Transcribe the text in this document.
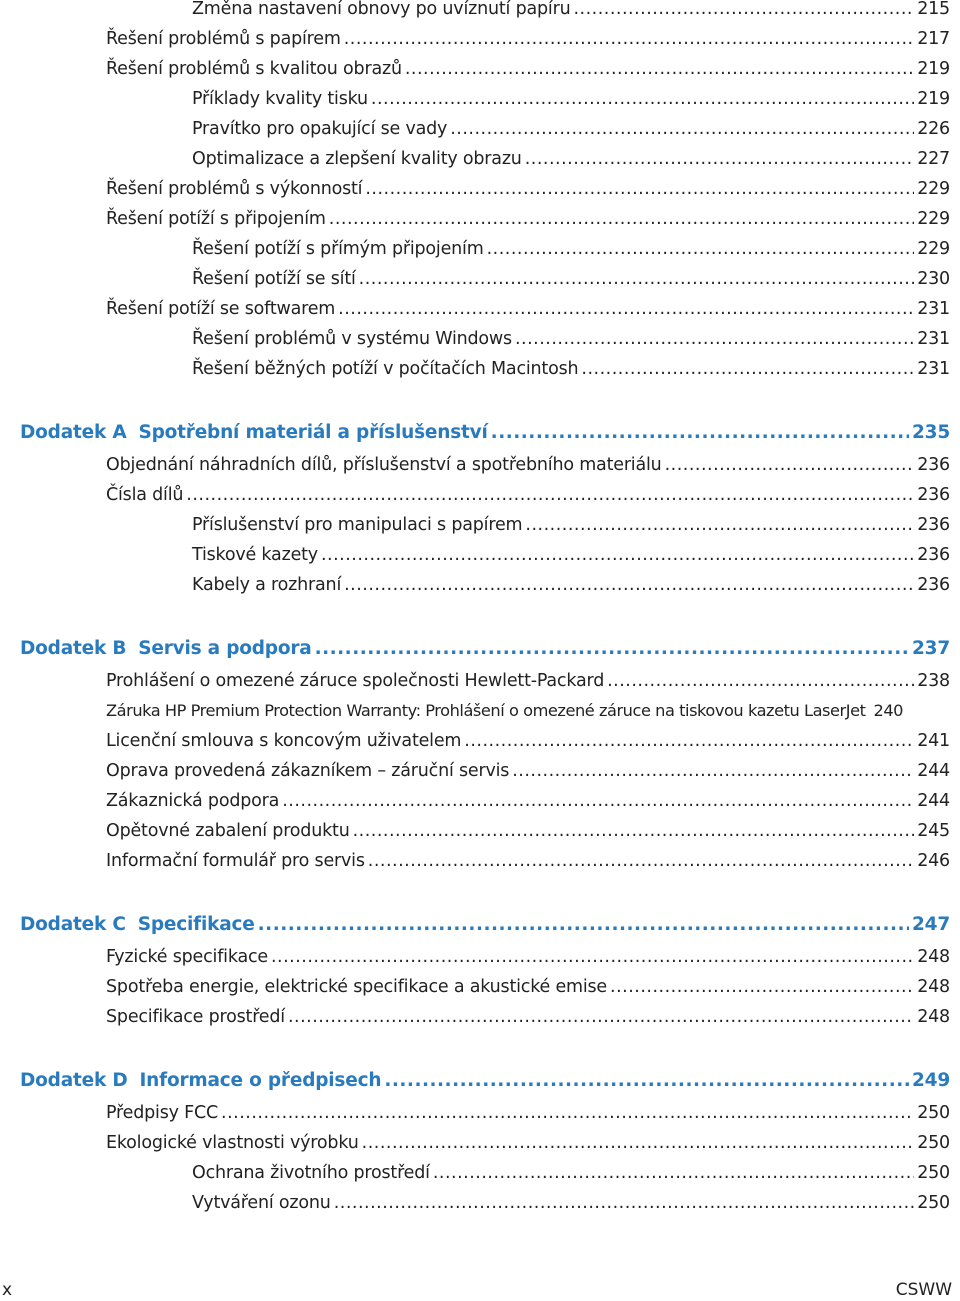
Změna nastavení obnovy po uvíznutí papíru .....	215
Řešení problémů s papírem .....	217
Řešení problémů s kvalitou obrazů .....	219
Příklady kvality tisku .....	219
Pravítko pro opakující se vady .....	226
Optimalizace a zlepšení kvality obrazu .....	227
Řešení problémů s výkonností .....	229
Řešení potíží s připojením .....	229
Řešení potíží s přímým připojením .....	229
Řešení potíží se sítí .....	230
Řešení potíží se softwarem .....	231
Řešení problémů v systému Windows .....	231
Řešení běžných potíží v počítačích Macintosh .....	231
Dodatek A Spotřební materiál a příslušenství .....	235
Objednání náhradních dílů, příslušenství a spotřebního materiálu .....	236
Čísla dílů .....	236
Příslušenství pro manipulaci s papírem .....	236
Tiskové kazety .....	236
Kabely a rozhraní .....	236
Dodatek B Servis a podpora .....	237
Prohlášení o omezené záruce společnosti Hewlett-Packard .....	238
Záruka HP Premium Protection Warranty: Prohlášení o omezené záruce na tiskovou kazetu LaserJet 240
Licenční smlouva s koncovým uživatelem .....	241
Oprava provedená zákazníkem – záruční servis .....	244
Zákaznická podpora .....	244
Opětovné zabalení produktu .....	245
Informační formulář pro servis .....	246
Dodatek C Specifikace .....	247
Fyzické specifikace .....	248
Spotřeba energie, elektrické specifikace a akustické emise .....	248
Specifikace prostředí .....	248
Dodatek D Informace o předpisech .....	249
Předpisy FCC .....	250
Ekologické vlastnosti výrobku .....	250
Ochrana životního prostředí .....	250
Vytváření ozonu .....	250
x	CSWW
